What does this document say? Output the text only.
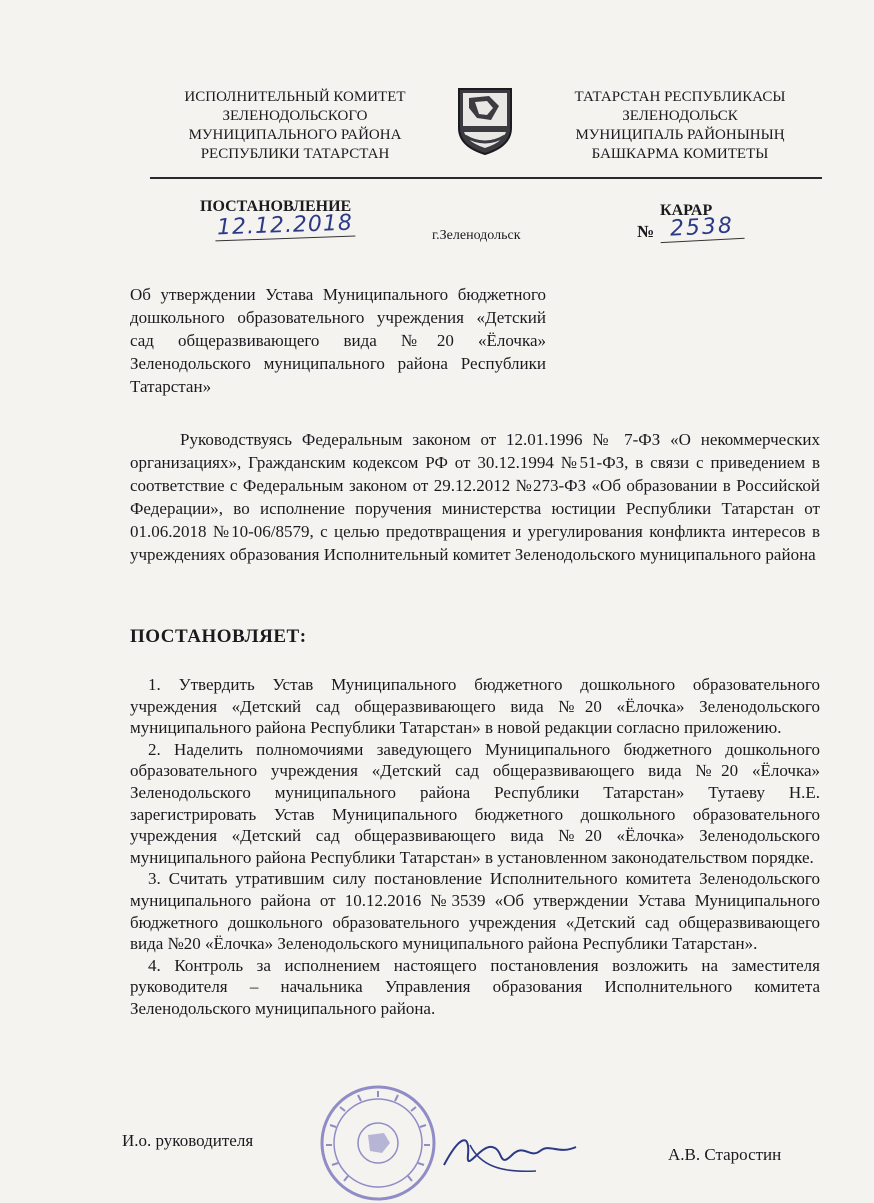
ИСПОЛНИТЕЛЬНЫЙ КОМИТЕТ
ЗЕЛЕНОДОЛЬСКОГО
МУНИЦИПАЛЬНОГО РАЙОНА
РЕСПУБЛИКИ ТАТАРСТАН
ТАТАРСТАН РЕСПУБЛИКАСЫ
ЗЕЛЕНОДОЛЬСК
МУНИЦИПАЛЬ РАЙОНЫНЫҢ
БАШКАРМА КОМИТЕТЫ
ПОСТАНОВЛЕНИЕ
12.12.2018	г.Зеленодольск
КАРАР
№ 2538
Об утверждении Устава Муниципального бюджетного дошкольного образовательного учреждения «Детский сад общеразвивающего вида №20 «Ёлочка» Зеленодольского муниципального района Республики Татарстан»
Руководствуясь Федеральным законом от 12.01.1996 № 7-ФЗ «О некоммерческих организациях», Гражданским кодексом РФ от 30.12.1994 №51-ФЗ, в связи с приведением в соответствие с Федеральным законом от 29.12.2012 №273-ФЗ «Об образовании в Российской Федерации», во исполнение поручения министерства юстиции Республики Татарстан от 01.06.2018 №10-06/8579, с целью предотвращения и урегулирования конфликта интересов в учреждениях образования Исполнительный комитет Зеленодольского муниципального района
ПОСТАНОВЛЯЕТ:

1. Утвердить Устав Муниципального бюджетного дошкольного образовательного учреждения «Детский сад общеразвивающего вида №20 «Ёлочка» Зеленодольского муниципального района Республики Татарстан» в новой редакции согласно приложению.

2. Наделить полномочиями заведующего Муниципального бюджетного дошкольного образовательного учреждения «Детский сад общеразвивающего вида №20 «Ёлочка» Зеленодольского муниципального района Республики Татарстан» Тутаеву Н.Е. зарегистрировать Устав Муниципального бюджетного дошкольного образовательного учреждения «Детский сад общеразвивающего вида №20 «Ёлочка» Зеленодольского муниципального района Республики Татарстан» в установленном законодательством порядке.

3. Считать утратившим силу постановление Исполнительного комитета Зеленодольского муниципального района от 10.12.2016 №3539 «Об утверждении Устава Муниципального бюджетного дошкольного образовательного учреждения «Детский сад общеразвивающего вида №20 «Ёлочка» Зеленодольского муниципального района Республики Татарстан».

4. Контроль за исполнением настоящего постановления возложить на заместителя руководителя – начальника Управления образования Исполнительного комитета Зеленодольского муниципального района.

И.о. руководителя
А.В. Старостин
